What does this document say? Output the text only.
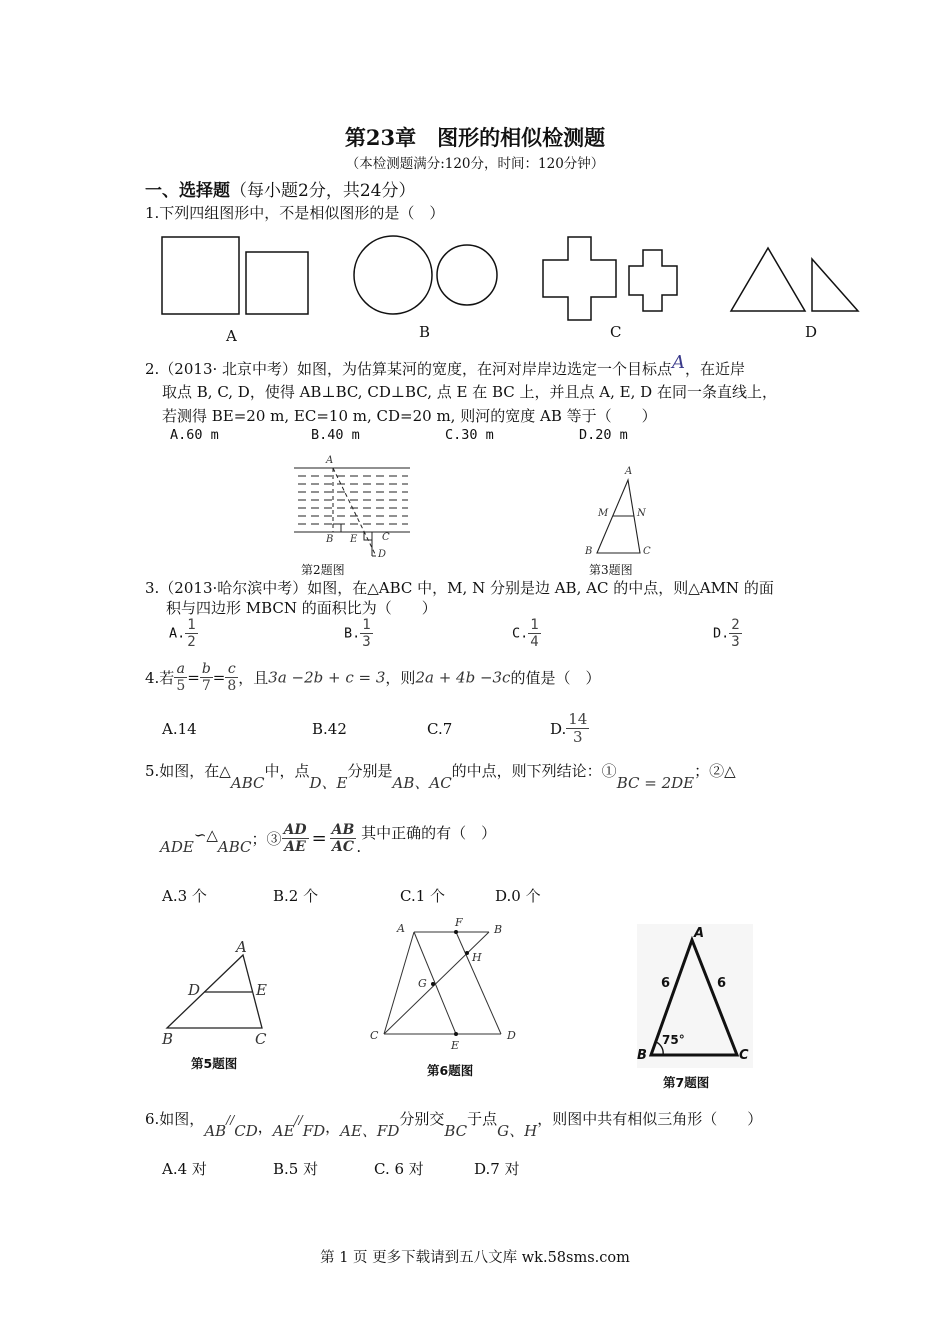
第23章　图形的相似检测题
（本检测题满分:120分，时间：120分钟）
一、选择题（每小题2分，共24分）
1.下列四组图形中，不是相似图形的是（　）
A	B	C	D
2.（2013· 北京中考）如图，为估算某河的宽度，在河对岸岸边选定一个目标点A，在近岸
取点 B, C, D，使得 AB⊥BC, CD⊥BC, 点 E 在 BC 上，并且点 A, E, D 在同一条直线上，
若测得 BE=20 m, EC=10 m, CD=20 m, 则河的宽度 AB 等于（　　）
A.60 m	B.40 m	C.30 m	D.20 m
A
B E C
D
第2题图
A
M	N
B	C
第3题图
3.（2013·哈尔滨中考）如图，在△ABC 中，M, N 分别是边 AB, AC 的中点，则△AMN 的面
积与四边形 MBCN 的面积比为（　　）
A. $\frac{1}{2}$	B. $\frac{1}{3}$	C. $\frac{1}{4}$	D. $\frac{2}{3}$
4.若 $\frac{a}{5} = \frac{b}{7} = \frac{c}{8}$ ，且3a −2b + c = 3，则2a + 4b −3c的值是（　）
A.14	B.42	C.7	D. $\frac{14}{3}$
5.如图，在△ABC中，点D、E分别是AB、AC的中点，则下列结论：①BC = 2DE；②△
ADE∽△ABC；③ $\frac{AD}{AE} = \frac{AB}{AC}$ .其中正确的有（　）
A.3 个	B.2 个	C.1 个	D.0 个
A
D	E
B	C
第5题图
A	F
B
H
G
C
E
D
第6题图
A
6	6
75°
B	C
第7题图
6.如图，AB//CD，AE//FD，AE、FD分别交BC于点G、H，则图中共有相似三角形（　　）
A.4 对	B.5 对	C. 6 对	D.7 对
第 1 页 更多下载请到五八文库 wk.58sms.com
